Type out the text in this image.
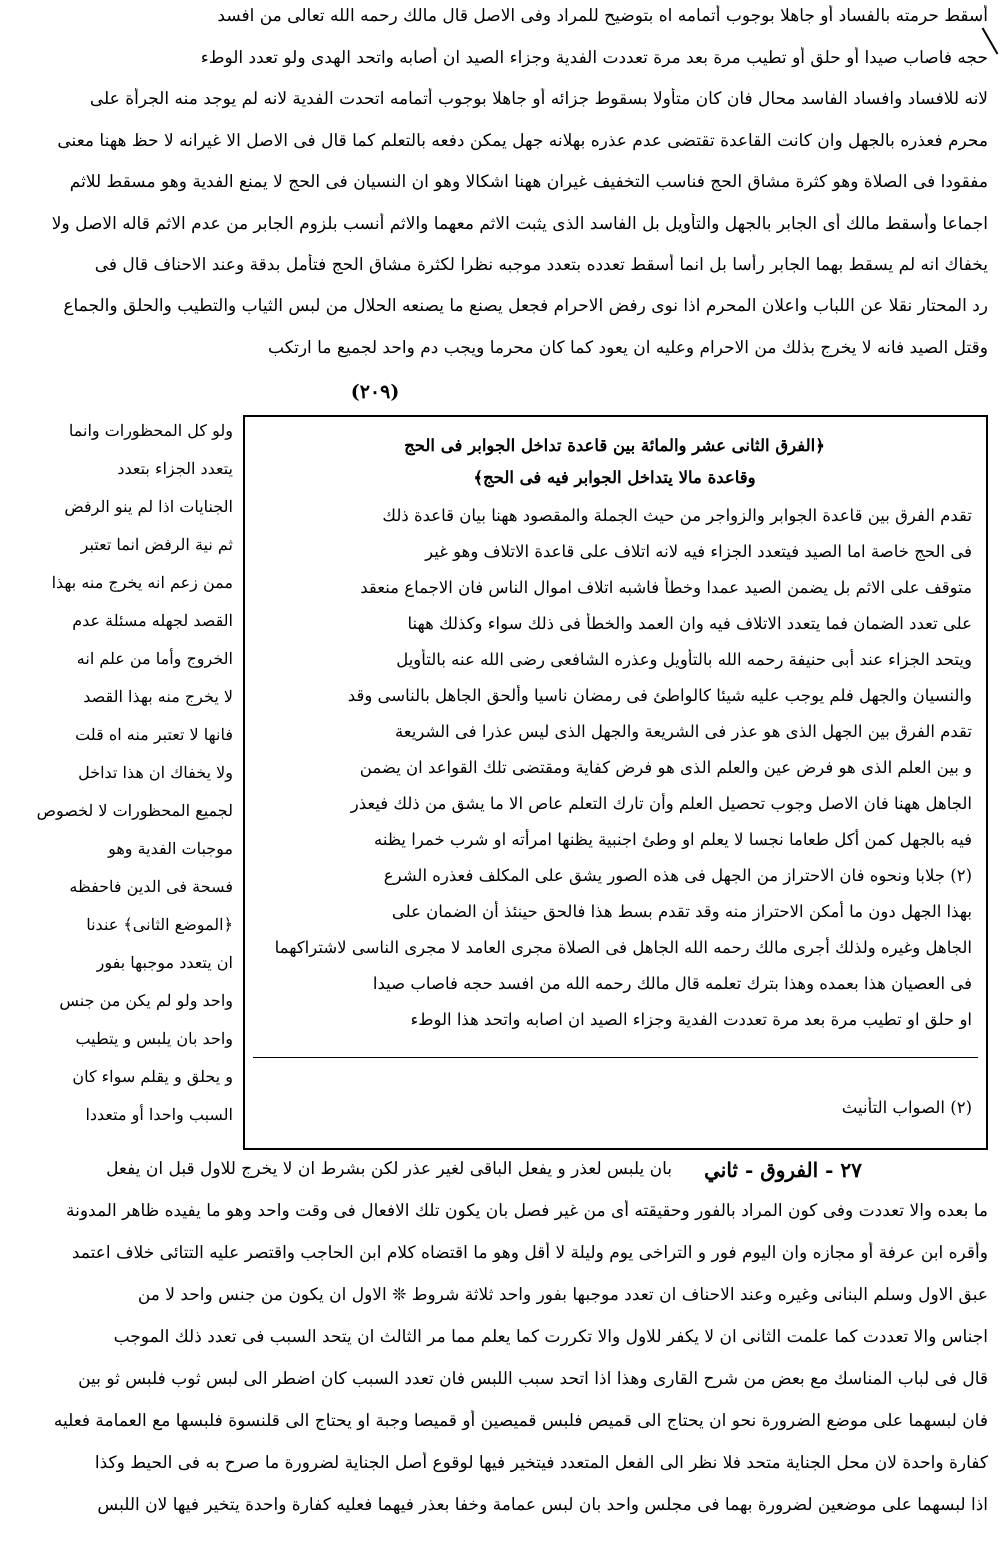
أسقط حرمته بالفساد أو جاهلا بوجوب أتمامه اه بتوضيح للمراد وفى الاصل قال مالك رحمه الله تعالى من افسد
حجه فاصاب صيدا أو حلق أو تطيب مرة بعد مرة تعددت الفدية وجزاء الصيد ان أصابه واتحد الهدى ولو تعدد الوطء
لانه للافساد وافساد الفاسد محال فان كان متأولا بسقوط جزائه أو جاهلا بوجوب أتمامه اتحدت الفدية لانه لم يوجد منه الجرأة على
محرم فعذره بالجهل وان كانت القاعدة تقتضى عدم عذره بهلانه جهل يمكن دفعه بالتعلم كما قال فى الاصل الا غيرانه لا حظ ههنا معنى
مفقودا فى الصلاة وهو كثرة مشاق الحج فناسب التخفيف غيران ههنا اشكالا وهو ان النسيان فى الحج لا يمنع الفدية وهو مسقط للاثم
اجماعا وأسقط مالك أى الجابر بالجهل والتأويل بل الفاسد الذى يثبت الاثم معهما والاثم أنسب بلزوم الجابر من عدم الاثم قاله الاصل ولا
يخفاك انه لم يسقط بهما الجابر رأسا بل انما أسقط تعدده بتعدد موجبه نظرا لكثرة مشاق الحج فتأمل بدقة وعند الاحناف قال فى
رد المحتار نقلا عن اللباب واعلان المحرم اذا نوى رفض الاحرام فجعل يصنع ما يصنعه الحلال من لبس الثياب والتطيب والحلق والجماع
وقتل الصيد فانه لا يخرج بذلك من الاحرام وعليه ان يعود كما كان محرما ويجب دم واحد لجميع ما ارتكب
(٢٠٩)
﴿الفرق الثانى عشر والمائة بين قاعدة تداخل الجوابر فى الحج
وقاعدة مالا يتداخل الجوابر فيه فى الحج﴾
تقدم الفرق بين قاعدة الجوابر والزواجر من حيث الجملة والمقصود ههنا بيان قاعدة ذلك
فى الحج خاصة اما الصيد فيتعدد الجزاء فيه لانه اتلاف على قاعدة الاتلاف وهو غير
متوقف على الاثم بل يضمن الصيد عمدا وخطأ فاشبه اتلاف اموال الناس فان الاجماع منعقد
على تعدد الضمان فما يتعدد الاتلاف فيه وان العمد والخطأ فى ذلك سواء وكذلك ههنا
ويتحد الجزاء عند أبى حنيفة رحمه الله بالتأويل وعذره الشافعى رضى الله عنه بالتأويل
والنسيان والجهل فلم يوجب عليه شيئا كالواطئ فى رمضان ناسيا وألحق الجاهل بالناسى وقد
تقدم الفرق بين الجهل الذى هو عذر فى الشريعة والجهل الذى ليس عذرا فى الشريعة
و بين العلم الذى هو فرض عين والعلم الذى هو فرض كفاية ومقتضى تلك القواعد ان يضمن
الجاهل ههنا فان الاصل وجوب تحصيل العلم وأن تارك التعلم عاص الا ما يشق من ذلك فيعذر
فيه بالجهل كمن أكل طعاما نجسا لا يعلم او وطئ اجنبية يظنها امرأته او شرب خمرا يظنه
(٢) جلابا ونحوه فان الاحتراز من الجهل فى هذه الصور يشق على المكلف فعذره الشرع
بهذا الجهل دون ما أمكن الاحتراز منه وقد تقدم بسط هذا فالحق حينئذ أن الضمان على
الجاهل وغيره ولذلك أجرى مالك رحمه الله الجاهل فى الصلاة مجرى العامد لا مجرى الناسى لاشتراكهما
فى العصيان هذا بعمده وهذا بترك تعلمه قال مالك رحمه الله من افسد حجه فاصاب صيدا
او حلق او تطيب مرة بعد مرة تعددت الفدية وجزاء الصيد ان اصابه واتحد هذا الوطء
(٢) الصواب التأنيث
ولو كل المحظورات وانما
يتعدد الجزاء بتعدد
الجنايات اذا لم ينو الرفض
ثم نية الرفض انما تعتبر
ممن زعم انه يخرج منه بهذا
القصد لجهله مسئلة عدم
الخروج وأما من علم انه
لا يخرج منه بهذا القصد
فانها لا تعتبر منه اه قلت
ولا يخفاك ان هذا تداخل
لجميع المحظورات لا لخصوص
موجبات الفدية وهو
فسحة فى الدين فاحفظه
﴿الموضع الثانى﴾ عندنا
ان يتعدد موجبها بفور
واحد ولو لم يكن من جنس
واحد بان يلبس و يتطيب
و يحلق و يقلم سواء كان
السبب واحدا أو متعددا
٢٧ - الفروق - ثاني
بان يلبس لعذر و يفعل الباقى لغير عذر لكن بشرط ان لا يخرج للاول قبل ان يفعل
ما بعده والا تعددت وفى كون المراد بالفور وحقيقته أى من غير فصل بان يكون تلك الافعال فى وقت واحد وهو ما يفيده ظاهر المدونة
وأقره ابن عرفة أو مجازه وان اليوم فور و التراخى يوم وليلة لا أقل وهو ما اقتضاه كلام ابن الحاجب واقتصر عليه التتائى خلاف اعتمد
عبق الاول وسلم البنانى وغيره وعند الاحناف ان تعدد موجبها بفور واحد ثلاثة شروط ❊ الاول ان يكون من جنس واحد لا من
اجناس والا تعددت كما علمت الثانى ان لا يكفر للاول والا تكررت كما يعلم مما مر الثالث ان يتحد السبب فى تعدد ذلك الموجب
قال فى لباب المناسك مع بعض من شرح القارى وهذا اذا اتحد سبب اللبس فان تعدد السبب كان اضطر الى لبس ثوب فلبس ثو بين
فان لبسهما على موضع الضرورة نحو ان يحتاج الى قميص فلبس قميصين أو قميصا وجبة او يحتاج الى قلنسوة فلبسها مع العمامة فعليه
كفارة واحدة لان محل الجناية متحد فلا نظر الى الفعل المتعدد فيتخير فيها لوقوع أصل الجناية لضرورة ما صرح به فى الحيط وكذا
اذا لبسهما على موضعين لضرورة بهما فى مجلس واحد بان لبس عمامة وخفا بعذر فيهما فعليه كفارة واحدة يتخير فيها لان اللبس
